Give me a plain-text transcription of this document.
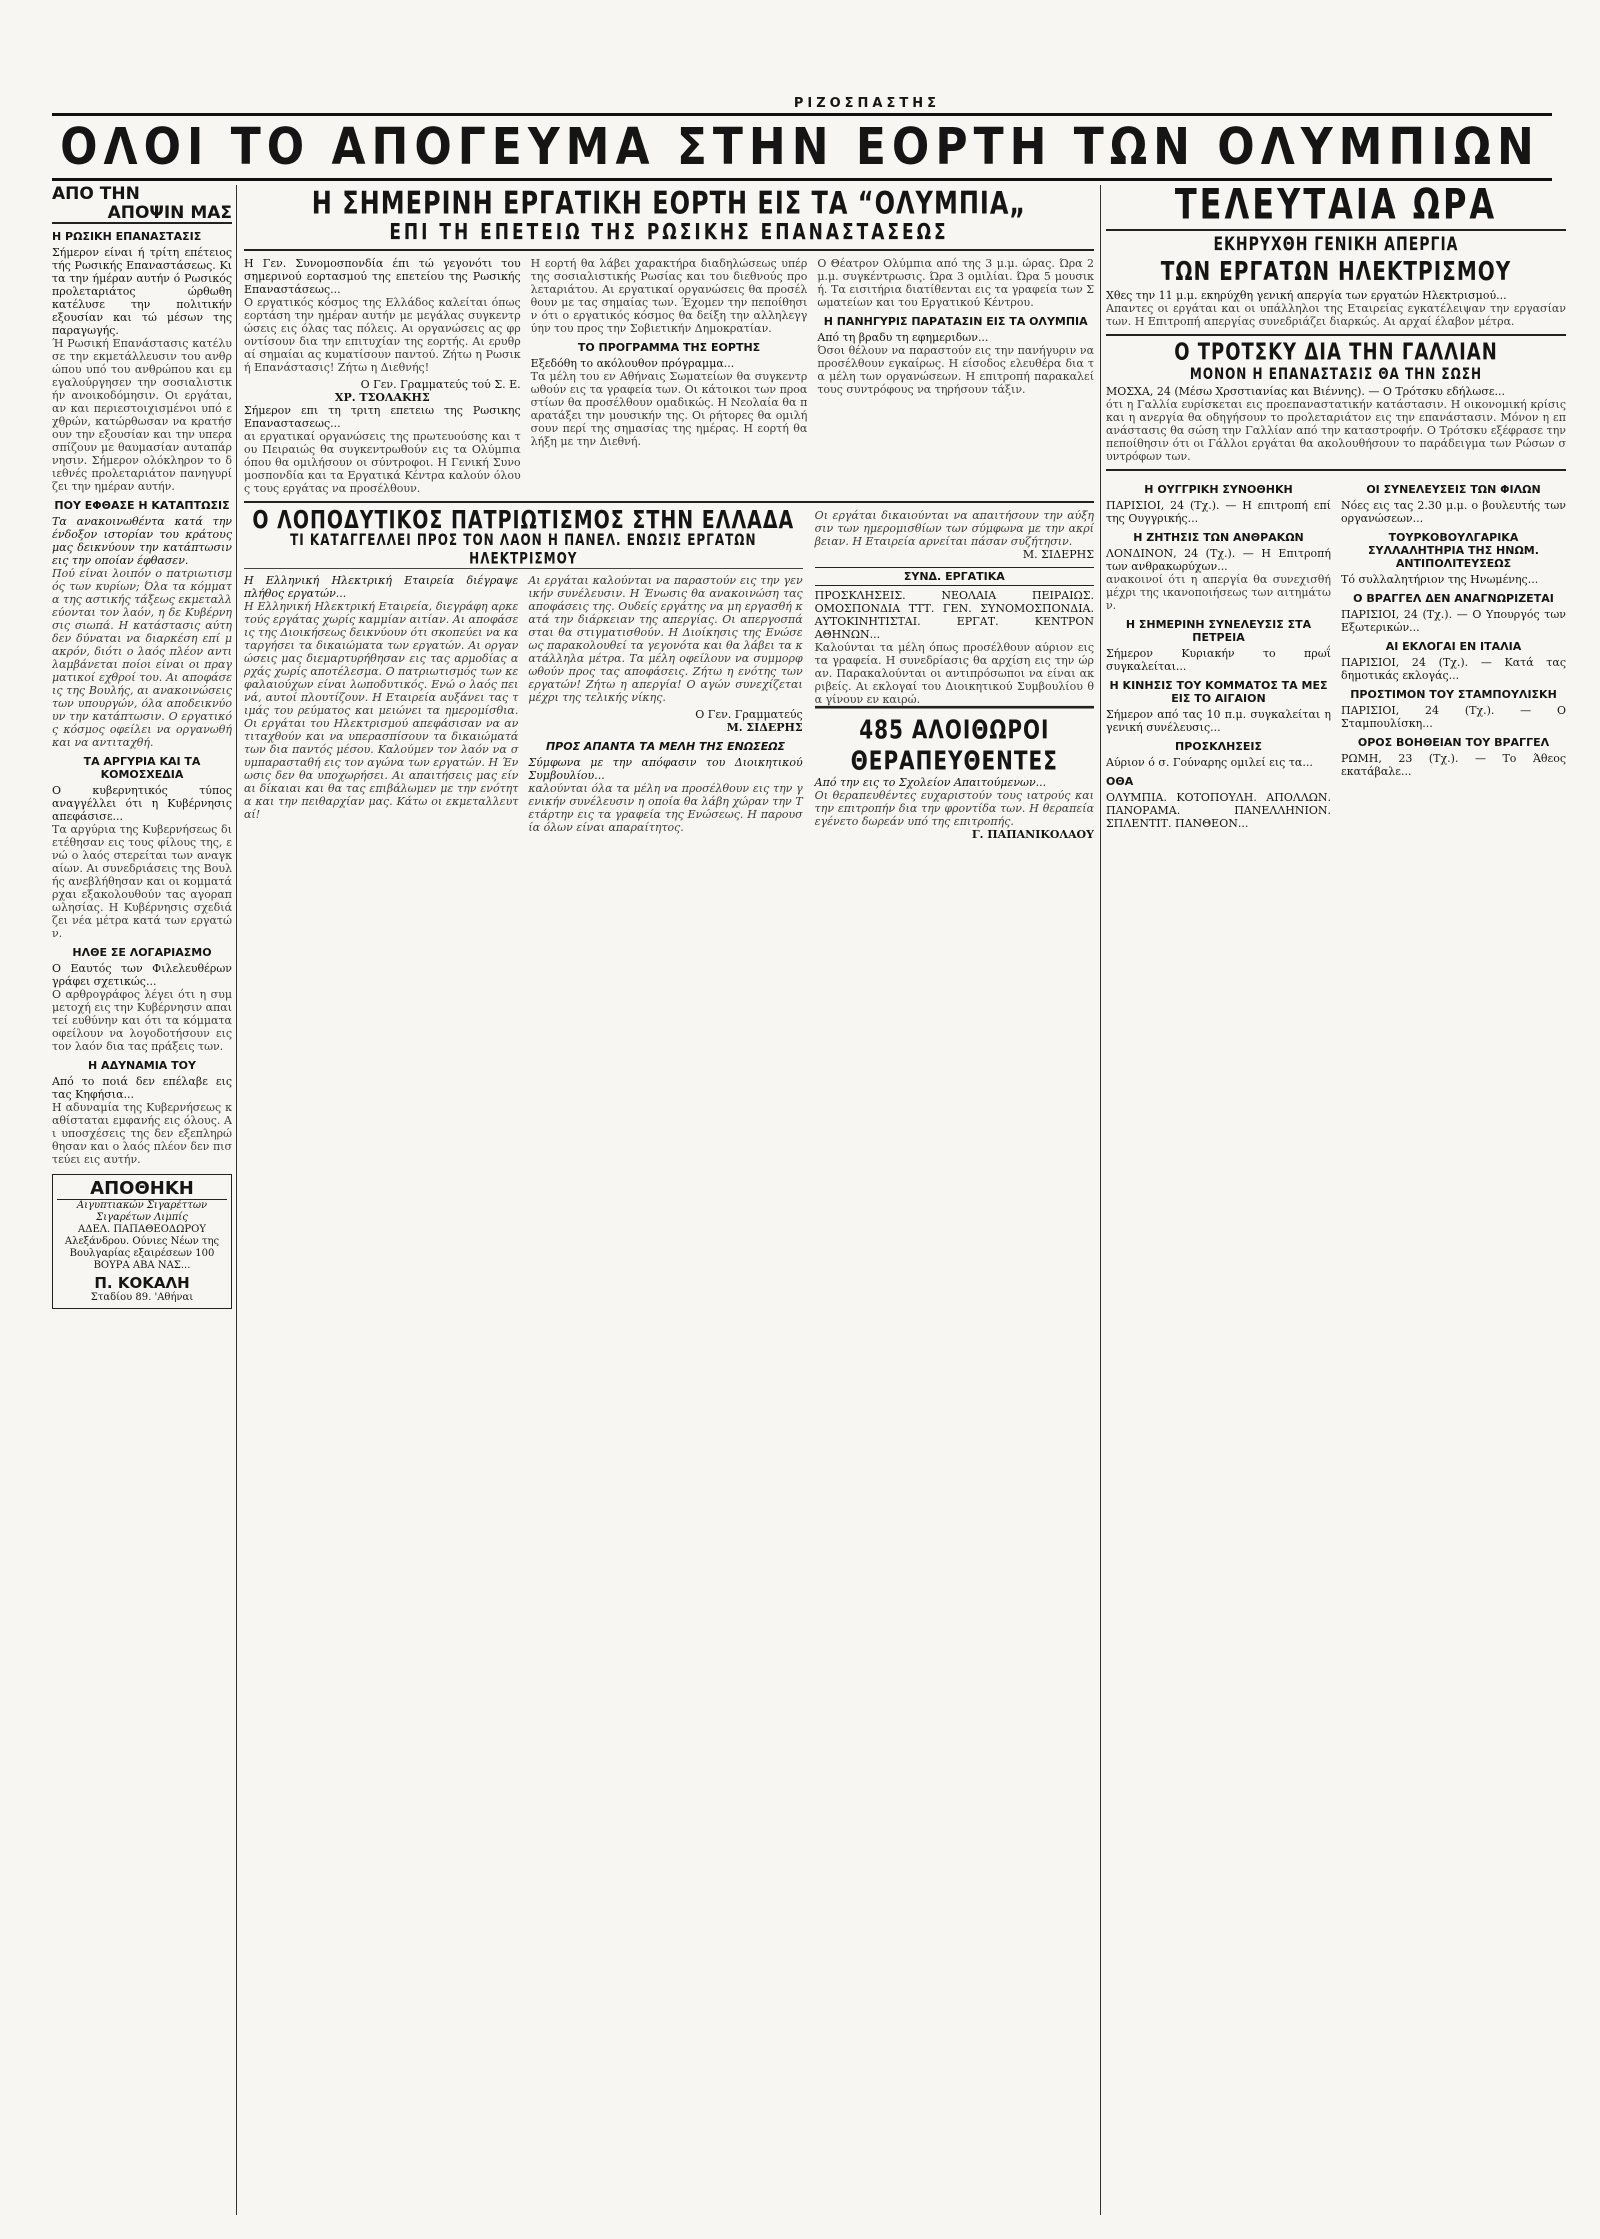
ΡΙΖΟΣΠΑΣΤΗΣ
ΟΛΟΙ ΤΟ ΑΠΟΓΕΥΜΑ ΣΤΗΝ ΕΟΡΤΗ ΤΩΝ ΟΛΥΜΠΙΩΝ
ΑΠΟ ΤΗΝ
ΑΠΟΨΙΝ ΜΑΣ
Η ΡΩΣΙΚΗ ΕΠΑΝΑΣΤΑΣΙΣ
Σήμερον είναι ή τρίτη επέτειος τής Ρωσικής Επαναστάσεως. Κι τα την ήμέραν αυτήν ό Ρωσικός προλεταριάτος ώρθωθη κατέλυσε την πολιτικήν εξουσίαν και τώ μέσων της παραγωγής.
Ή Ρωσική Επανάστασις κατέλυσε την εκμετάλλευσιν του ανθρώπου υπό του ανθρώπου και εμεγαλούργησεν την σοσιαλιστικήν ανοικοδόμησιν. Οι εργάται, αν και περιεστοιχισμένοι υπό εχθρών, κατώρθωσαν να κρατήσουν την εξουσίαν και την υπερασπίζουν με θαυμασίαν αυταπάρνησιν. Σήμερον ολόκληρον το διεθνές προλεταριάτον πανηγυρίζει την ημέραν αυτήν.
ΠΟΥ ΕΦΘΑΣΕ Η ΚΑΤΑΠΤΩΣΙΣ
Τα ανακοινωθέντα κατά την ένδοξον ιστορίαν του κράτους μας δεικνύουν την κατάπτωσιν εις την οποίαν έφθασεν.
Πού είναι λοιπόν ο πατριωτισμός των κυρίων; Όλα τα κόμματα της αστικής τάξεως εκμεταλλεύονται τον λαόν, η δε Κυβέρνησις σιωπά. Η κατάστασις αύτη δεν δύναται να διαρκέση επί μακρόν, διότι ο λαός πλέον αντιλαμβάνεται ποίοι είναι οι πραγματικοί εχθροί του. Αι αποφάσεις της Βουλής, αι ανακοινώσεις των υπουργών, όλα αποδεικνύουν την κατάπτωσιν. Ο εργατικός κόσμος οφείλει να οργανωθή και να αντιταχθή.
ΤΑ ΑΡΓΥΡΙΑ ΚΑΙ ΤΑ ΚΟΜΟΣΧΕΔΙΑ
Ο κυβερνητικός τύπος αναγγέλλει ότι η Κυβέρνησις απεφάσισε...
Τα αργύρια της Κυβερνήσεως διετέθησαν εις τους φίλους της, ενώ ο λαός στερείται των αναγκαίων. Αι συνεδριάσεις της Βουλής ανεβλήθησαν και οι κομματάρχαι εξακολουθούν τας αγοραπωλησίας. Η Κυβέρνησις σχεδιάζει νέα μέτρα κατά των εργατών.
ΗΛΘΕ ΣΕ ΛΟΓΑΡΙΑΣΜΟ
Ο Εαυτός των Φιλελευθέρων γράφει σχετικώς...
Ο αρθρογράφος λέγει ότι η συμμετοχή εις την Κυβέρνησιν απαιτεί ευθύνην και ότι τα κόμματα οφείλουν να λογοδοτήσουν εις τον λαόν δια τας πράξεις των.
Η ΑΔΥΝΑΜΙΑ ΤΟΥ
Από το ποιά δεν επέλαβε εις τας Κηφήσια...
Η αδυναμία της Κυβερνήσεως καθίσταται εμφανής εις όλους. Αι υποσχέσεις της δεν εξεπληρώθησαν και ο λαός πλέον δεν πιστεύει εις αυτήν.
ΑΠΟΘΗΚΗ
Αιγυπτιακών Σιγαρέττων Σιγαρέτων Λιμπίς
ΑΔΕΛ. ΠΑΠΑΘΕΟΔΩΡΟΥ Αλεξάνδρου. Ούνιες Νέων της Βουλγαρίας εξαιρέσεων 100 ΒΟΥΡΑ ΑΒΑ ΝΑΣ...
Π. ΚΟΚΑΛΗ
Σταδίου 89. 'Αθήναι
Η ΣΗΜΕΡΙΝΗ ΕΡΓΑΤΙΚΗ ΕΟΡΤΗ ΕΙΣ ΤΑ “ΟΛΥΜΠΙΑ„
ΕΠΙ ΤΗ ΕΠΕΤΕΙΩ ΤΗΣ ΡΩΣΙΚΗΣ ΕΠΑΝΑΣΤΑΣΕΩΣ
Η Γεν. Συνομοσπονδία έπι τώ γεγονότι του σημερινού εορτασμού της επετείου της Ρωσικής Επαναστάσεως...
Ο εργατικός κόσμος της Ελλάδος καλείται όπως εορτάση την ημέραν αυτήν με μεγάλας συγκεντρώσεις εις όλας τας πόλεις. Αι οργανώσεις ας φροντίσουν δια την επιτυχίαν της εορτής. Αι ερυθραί σημαίαι ας κυματίσουν παντού. Ζήτω η Ρωσική Επανάστασις! Ζήτω η Διεθνής!
Ο Γεν. Γραμματεύς τού Σ. Ε.
ΧΡ. ΤΣΟΛΑΚΗΣ
Σήμερον επι τη τριτη επετειω της Ρωσικης Επαναστασεως...
αι εργατικαί οργανώσεις της πρωτευούσης και του Πειραιώς θα συγκεντρωθούν εις τα Ολύμπια όπου θα ομιλήσουν οι σύντροφοι. Η Γενική Συνομοσπονδία και τα Εργατικά Κέντρα καλούν όλους τους εργάτας να προσέλθουν.
Η εορτή θα λάβει χαρακτήρα διαδηλώσεως υπέρ της σοσιαλιστικής Ρωσίας και του διεθνούς προλεταριάτου. Αι εργατικαί οργανώσεις θα προσέλθουν με τας σημαίας των. Έχομεν την πεποίθησιν ότι ο εργατικός κόσμος θα δείξη την αλληλεγγύην του προς την Σοβιετικήν Δημοκρατίαν.
ΤΟ ΠΡΟΓΡΑΜΜΑ ΤΗΣ ΕΟΡΤΗΣ
Εξεδόθη το ακόλουθον πρόγραμμα...
Τα μέλη του εν Αθήναις Σωματείων θα συγκεντρωθούν εις τα γραφεία των. Οι κάτοικοι των προαστίων θα προσέλθουν ομαδικώς. Η Νεολαία θα παρατάξει την μουσικήν της. Οι ρήτορες θα ομιλήσουν περί της σημασίας της ημέρας. Η εορτή θα λήξη με την Διεθνή.
Ο Θέατρον Ολύμπια από της 3 μ.μ. ώρας. Ώρα 2 μ.μ. συγκέντρωσις. Ώρα 3 ομιλίαι. Ώρα 5 μουσική. Τα εισιτήρια διατίθενται εις τα γραφεία των Σωματείων και του Εργατικού Κέντρου.
Η ΠΑΝΗΓΥΡΙΣ ΠΑΡΑΤΑΣΙΝ ΕΙΣ ΤΑ ΟΛΥΜΠΙΑ
Από τη βραδυ τη εφημεριδων...
Όσοι θέλουν να παραστούν εις την πανήγυριν να προσέλθουν εγκαίρως. Η είσοδος ελευθέρα δια τα μέλη των οργανώσεων. Η επιτροπή παρακαλεί τους συντρόφους να τηρήσουν τάξιν.
Ο ΛΟΠΟΔΥΤΙΚΟΣ ΠΑΤΡΙΩΤΙΣΜΟΣ ΣΤΗΝ ΕΛΛΑΔΑ
ΤΙ ΚΑΤΑΓΓΕΛΛΕΙ ΠΡΟΣ ΤΟΝ ΛΑΟΝ Η ΠΑΝΕΛ. ΕΝΩΣΙΣ ΕΡΓΑΤΩΝ ΗΛΕΚΤΡΙΣΜΟΥ
Η Ελληνική Ηλεκτρική Εταιρεία διέγραψε πλήθος εργατών...
Η Ελληνική Ηλεκτρική Εταιρεία, διεγράφη αρκετούς εργάτας χωρίς καμμίαν αιτίαν. Αι αποφάσεις της Διοικήσεως δεικνύουν ότι σκοπεύει να καταργήσει τα δικαιώματα των εργατών. Αι οργανώσεις μας διεμαρτυρήθησαν εις τας αρμοδίας αρχάς χωρίς αποτέλεσμα. Ο πατριωτισμός των κεφαλαιούχων είναι λωποδυτικός. Ενώ ο λαός πεινά, αυτοί πλουτίζουν. Η Εταιρεία αυξάνει τας τιμάς του ρεύματος και μειώνει τα ημερομίσθια. Οι εργάται του Ηλεκτρισμού απεφάσισαν να αντιταχθούν και να υπερασπίσουν τα δικαιώματά των δια παντός μέσου. Καλούμεν τον λαόν να συμπαρασταθή εις τον αγώνα των εργατών. Η Ένωσις δεν θα υποχωρήσει. Αι απαιτήσεις μας είναι δίκαιαι και θα τας επιβάλωμεν με την ενότητα και την πειθαρχίαν μας. Κάτω οι εκμεταλλευταί!
Αι εργάται καλούνται να παραστούν εις την γενικήν συνέλευσιν. Η Ένωσις θα ανακοινώση τας αποφάσεις της. Ουδείς εργάτης να μη εργασθή κατά την διάρκειαν της απεργίας. Οι απεργοσπάσται θα στιγματισθούν. Η Διοίκησις της Ενώσεως παρακολουθεί τα γεγονότα και θα λάβει τα κατάλληλα μέτρα. Τα μέλη οφείλουν να συμμορφωθούν προς τας αποφάσεις. Ζήτω η ενότης των εργατών! Ζήτω η απεργία! Ο αγών συνεχίζεται μέχρι της τελικής νίκης.
Ο Γεν. Γραμματεύς
Μ. ΣΙΔΕΡΗΣ
ΠΡΟΣ ΑΠΑΝΤΑ ΤΑ ΜΕΛΗ ΤΗΣ ΕΝΩΣΕΩΣ
Σύμφωνα με την απόφασιν του Διοικητικού Συμβουλίου...
καλούνται όλα τα μέλη να προσέλθουν εις την γενικήν συνέλευσιν η οποία θα λάβη χώραν την Τετάρτην εις τα γραφεία της Ενώσεως. Η παρουσία όλων είναι απαραίτητος.
Οι εργάται δικαιούνται να απαιτήσουν την αύξησιν των ημερομισθίων των σύμφωνα με την ακρίβειαν. Η Εταιρεία αρνείται πάσαν συζήτησιν.
Μ. ΣΙΔΕΡΗΣ
ΣΥΝΔ. ΕΡΓΑΤΙΚΑ
ΠΡΟΣΚΛΗΣΕΙΣ. ΝΕΟΛΑΙΑ ΠΕΙΡΑΙΩΣ. ΟΜΟΣΠΟΝΔΙΑ ΤΤΤ. ΓΕΝ. ΣΥΝΟΜΟΣΠΟΝΔΙΑ. ΑΥΤΟΚΙΝΗΤΙΣΤΑΙ. ΕΡΓΑΤ. ΚΕΝΤΡΟΝ ΑΘΗΝΩΝ...
Καλούνται τα μέλη όπως προσέλθουν αύριον εις τα γραφεία. Η συνεδρίασις θα αρχίση εις την ώραν. Παρακαλούνται οι αντιπρόσωποι να είναι ακριβείς. Αι εκλογαί του Διοικητικού Συμβουλίου θα γίνουν εν καιρώ.
485 ΑΛΟΙΘΩΡΟΙ ΘΕΡΑΠΕΥΘΕΝΤΕΣ
Από την εις το Σχολείον Απαιτούμενων...
Οι θεραπευθέντες ευχαριστούν τους ιατρούς και την επιτροπήν δια την φροντίδα των. Η θεραπεία εγένετο δωρεάν υπό της επιτροπής.
Γ. ΠΑΠΑΝΙΚΟΛΑΟΥ
ΤΕΛΕΥΤΑΙΑ ΩΡΑ
ΕΚΗΡΥΧΘΗ ΓΕΝΙΚΗ ΑΠΕΡΓΙΑ
ΤΩΝ ΕΡΓΑΤΩΝ ΗΛΕΚΤΡΙΣΜΟΥ
Χθες την 11 μ.μ. εκηρύχθη γενική απεργία των εργατών Ηλεκτρισμού...
Απαντες οι εργάται και οι υπάλληλοι της Εταιρείας εγκατέλειψαν την εργασίαν των. Η Επιτροπή απεργίας συνεδριάζει διαρκώς. Αι αρχαί έλαβον μέτρα.
Ο ΤΡΟΤΣΚΥ ΔΙΑ ΤΗΝ ΓΑΛΛΙΑΝ
ΜΟΝΟΝ Η ΕΠΑΝΑΣΤΑΣΙΣ ΘΑ ΤΗΝ ΣΩΣΗ
ΜΟΣΧΑ, 24 (Μέσω Χρσστιανίας και Βιέννης). — Ο Τρότσκυ εδήλωσε...
ότι η Γαλλία ευρίσκεται εις προεπαναστατικήν κατάστασιν. Η οικονομική κρίσις και η ανεργία θα οδηγήσουν το προλεταριάτον εις την επανάστασιν. Μόνον η επανάστασις θα σώση την Γαλλίαν από την καταστροφήν. Ο Τρότσκυ εξέφρασε την πεποίθησιν ότι οι Γάλλοι εργάται θα ακολουθήσουν το παράδειγμα των Ρώσων συντρόφων των.
Η ΟΥΓΓΡΙΚΗ ΣΥΝΟΘΗΚΗ
ΠΑΡΙΣΙΟΙ, 24 (Τχ.). — Η επιτροπή επί της Ουγγρικής...
Η ΖΗΤΗΣΙΣ ΤΩΝ ΑΝΘΡΑΚΩΝ
ΛΟΝΔΙΝΟΝ, 24 (Τχ.). — Η Επιτροπή των ανθρακωρύχων...
ανακοινοί ότι η απεργία θα συνεχισθή μέχρι της ικανοποιήσεως των αιτημάτων.
Η ΣΗΜΕΡΙΝΗ ΣΥΝΕΛΕΥΣΙΣ ΣΤΑ ΠΕΤΡΕΙΑ
Σήμερον Κυριακήν το πρωΐ συγκαλείται...
Η ΚΙΝΗΣΙΣ ΤΟΥ ΚΟΜΜΑΤΟΣ ΤΑ ΜΕΣ ΕΙΣ ΤΟ ΑΙΓΑΙΟΝ
Σήμερον από τας 10 π.μ. συγκαλείται η γενική συνέλευσις...
ΠΡΟΣΚΛΗΣΕΙΣ
Αύριον ό σ. Γούναρης ομιλεί εις τα...
ΟΘΑ
ΟΛΥΜΠΙΑ. ΚΟΤΟΠΟΥΛΗ. ΑΠΟΛΛΩΝ. ΠΑΝΟΡΑΜΑ. ΠΑΝΕΛΛΗΝΙΟΝ. ΣΠΛΕΝΤΙΤ. ΠΑΝΘΕΟΝ...
ΟΙ ΣΥΝΕΛΕΥΣΕΙΣ ΤΩΝ ΦΙΛΩΝ
Νόες εις τας 2.30 μ.μ. ο βουλευτής των οργανώσεων...
ΤΟΥΡΚΟΒΟΥΛΓΑΡΙΚΑ ΣΥΛΛΑΛΗΤΗΡΙΑ ΤΗΣ ΗΝΩΜ. ΑΝΤΙΠΟΛΙΤΕΥΣΕΩΣ
Τό συλλαλητήριον της Ηνωμένης...
Ο ΒΡΑΓΓΕΛ ΔΕΝ ΑΝΑΓΝΩΡΙΖΕΤΑΙ
ΠΑΡΙΣΙΟΙ, 24 (Τχ.). — Ο Υπουργός των Εξωτερικών...
ΑΙ ΕΚΛΟΓΑΙ ΕΝ ΙΤΑΛΙΑ
ΠΑΡΙΣΙΟΙ, 24 (Τχ.). — Κατά τας δημοτικάς εκλογάς...
ΠΡΟΣΤΙΜΟΝ ΤΟΥ ΣΤΑΜΠΟΥΛΙΣΚΗ
ΠΑΡΙΣΙΟΙ, 24 (Τχ.). — Ο Σταμπουλίσκη...
ΟΡΟΣ ΒΟΗΘΕΙΑΝ ΤΟΥ ΒΡΑΓΓΕΛ
ΡΩΜΗ, 23 (Τχ.). — Το Άθεος εκατάβαλε...
